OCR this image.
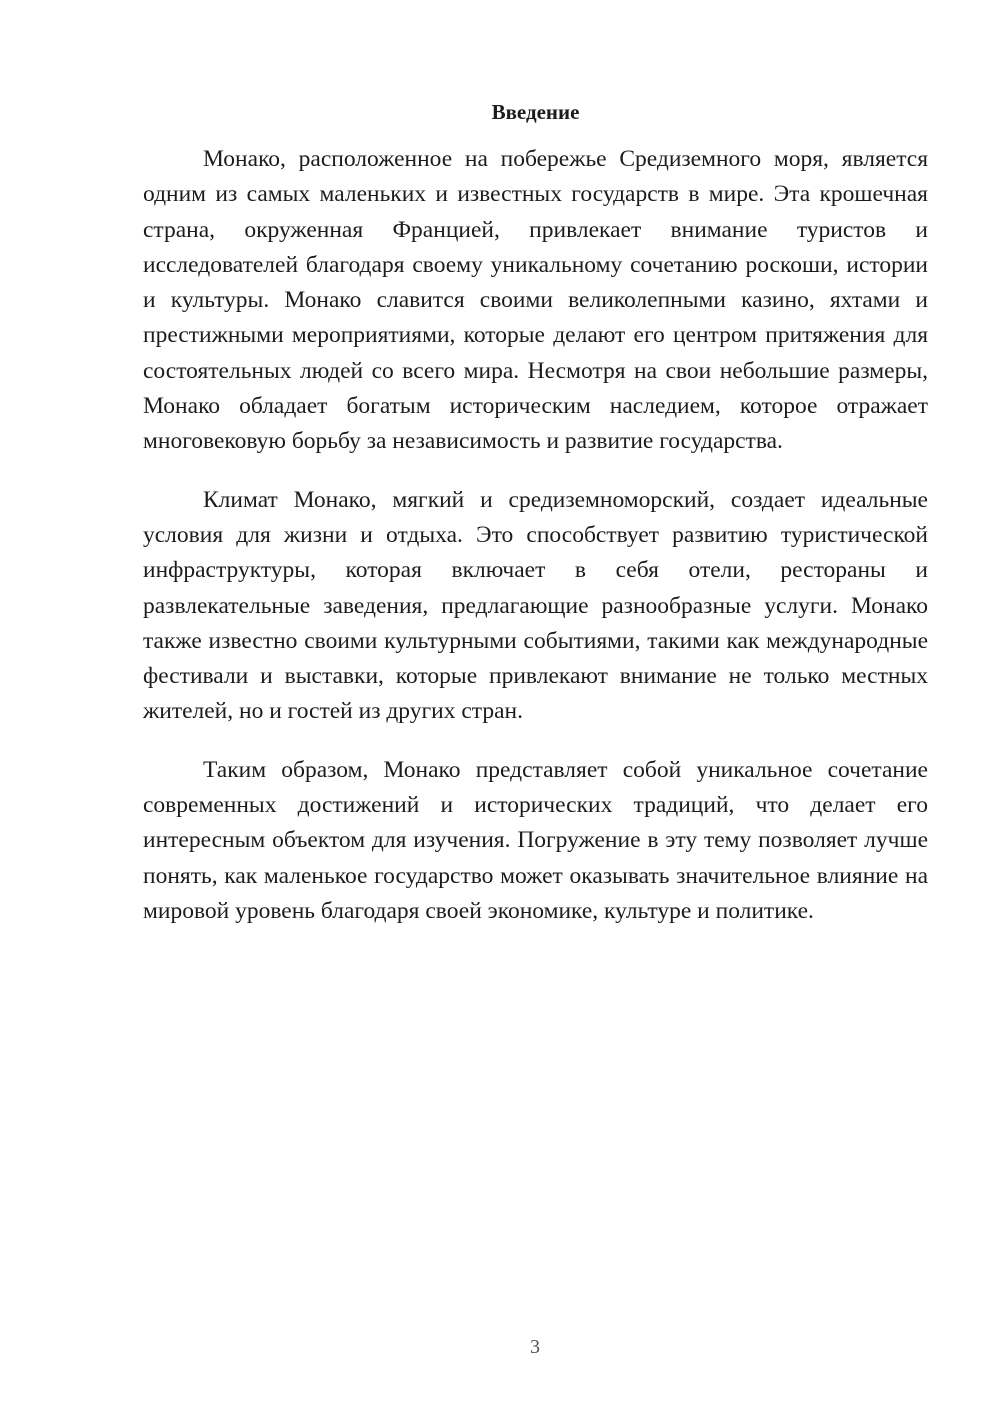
Введение

Монако, расположенное на побережье Средиземного моря, является одним из самых маленьких и известных государств в мире. Эта крошечная страна, окруженная Францией, привлекает внимание туристов и исследователей благодаря своему уникальному сочетанию роскоши, истории и культуры. Монако славится своими великолепными казино, яхтами и престижными мероприятиями, которые делают его центром притяжения для состоятельных людей со всего мира. Несмотря на свои небольшие размеры, Монако обладает богатым историческим наследием, которое отражает многовековую борьбу за независимость и развитие государства.

Климат Монако, мягкий и средиземноморский, создает идеальные условия для жизни и отдыха. Это способствует развитию туристической инфраструктуры, которая включает в себя отели, рестораны и развлекательные заведения, предлагающие разнообразные услуги. Монако также известно своими культурными событиями, такими как международные фестивали и выставки, которые привлекают внимание не только местных жителей, но и гостей из других стран.

Таким образом, Монако представляет собой уникальное сочетание современных достижений и исторических традиций, что делает его интересным объектом для изучения. Погружение в эту тему позволяет лучше понять, как маленькое государство может оказывать значительное влияние на мировой уровень благодаря своей экономике, культуре и политике.

3
